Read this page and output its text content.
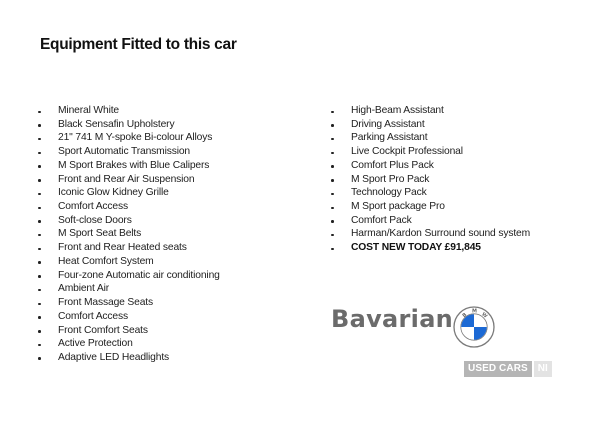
Equipment Fitted to this car
Mineral White
Black Sensafin Upholstery
21" 741 M Y-spoke Bi-colour Alloys
Sport Automatic Transmission
M Sport Brakes with Blue Calipers
Front and Rear Air Suspension
Iconic Glow Kidney Grille
Comfort Access
Soft-close Doors
M Sport Seat Belts
Front and Rear Heated seats
Heat Comfort System
Four-zone Automatic air conditioning
Ambient Air
Front Massage Seats
Comfort Access
Front Comfort Seats
Active Protection
Adaptive LED Headlights
High-Beam Assistant
Driving Assistant
Parking Assistant
Live Cockpit Professional
Comfort Plus Pack
M Sport Pro Pack
Technology Pack
M Sport package Pro
Comfort Pack
Harman/Kardon Surround sound system
COST NEW TODAY £91,845
Bavarian B
M
W
USED CARS	NI
